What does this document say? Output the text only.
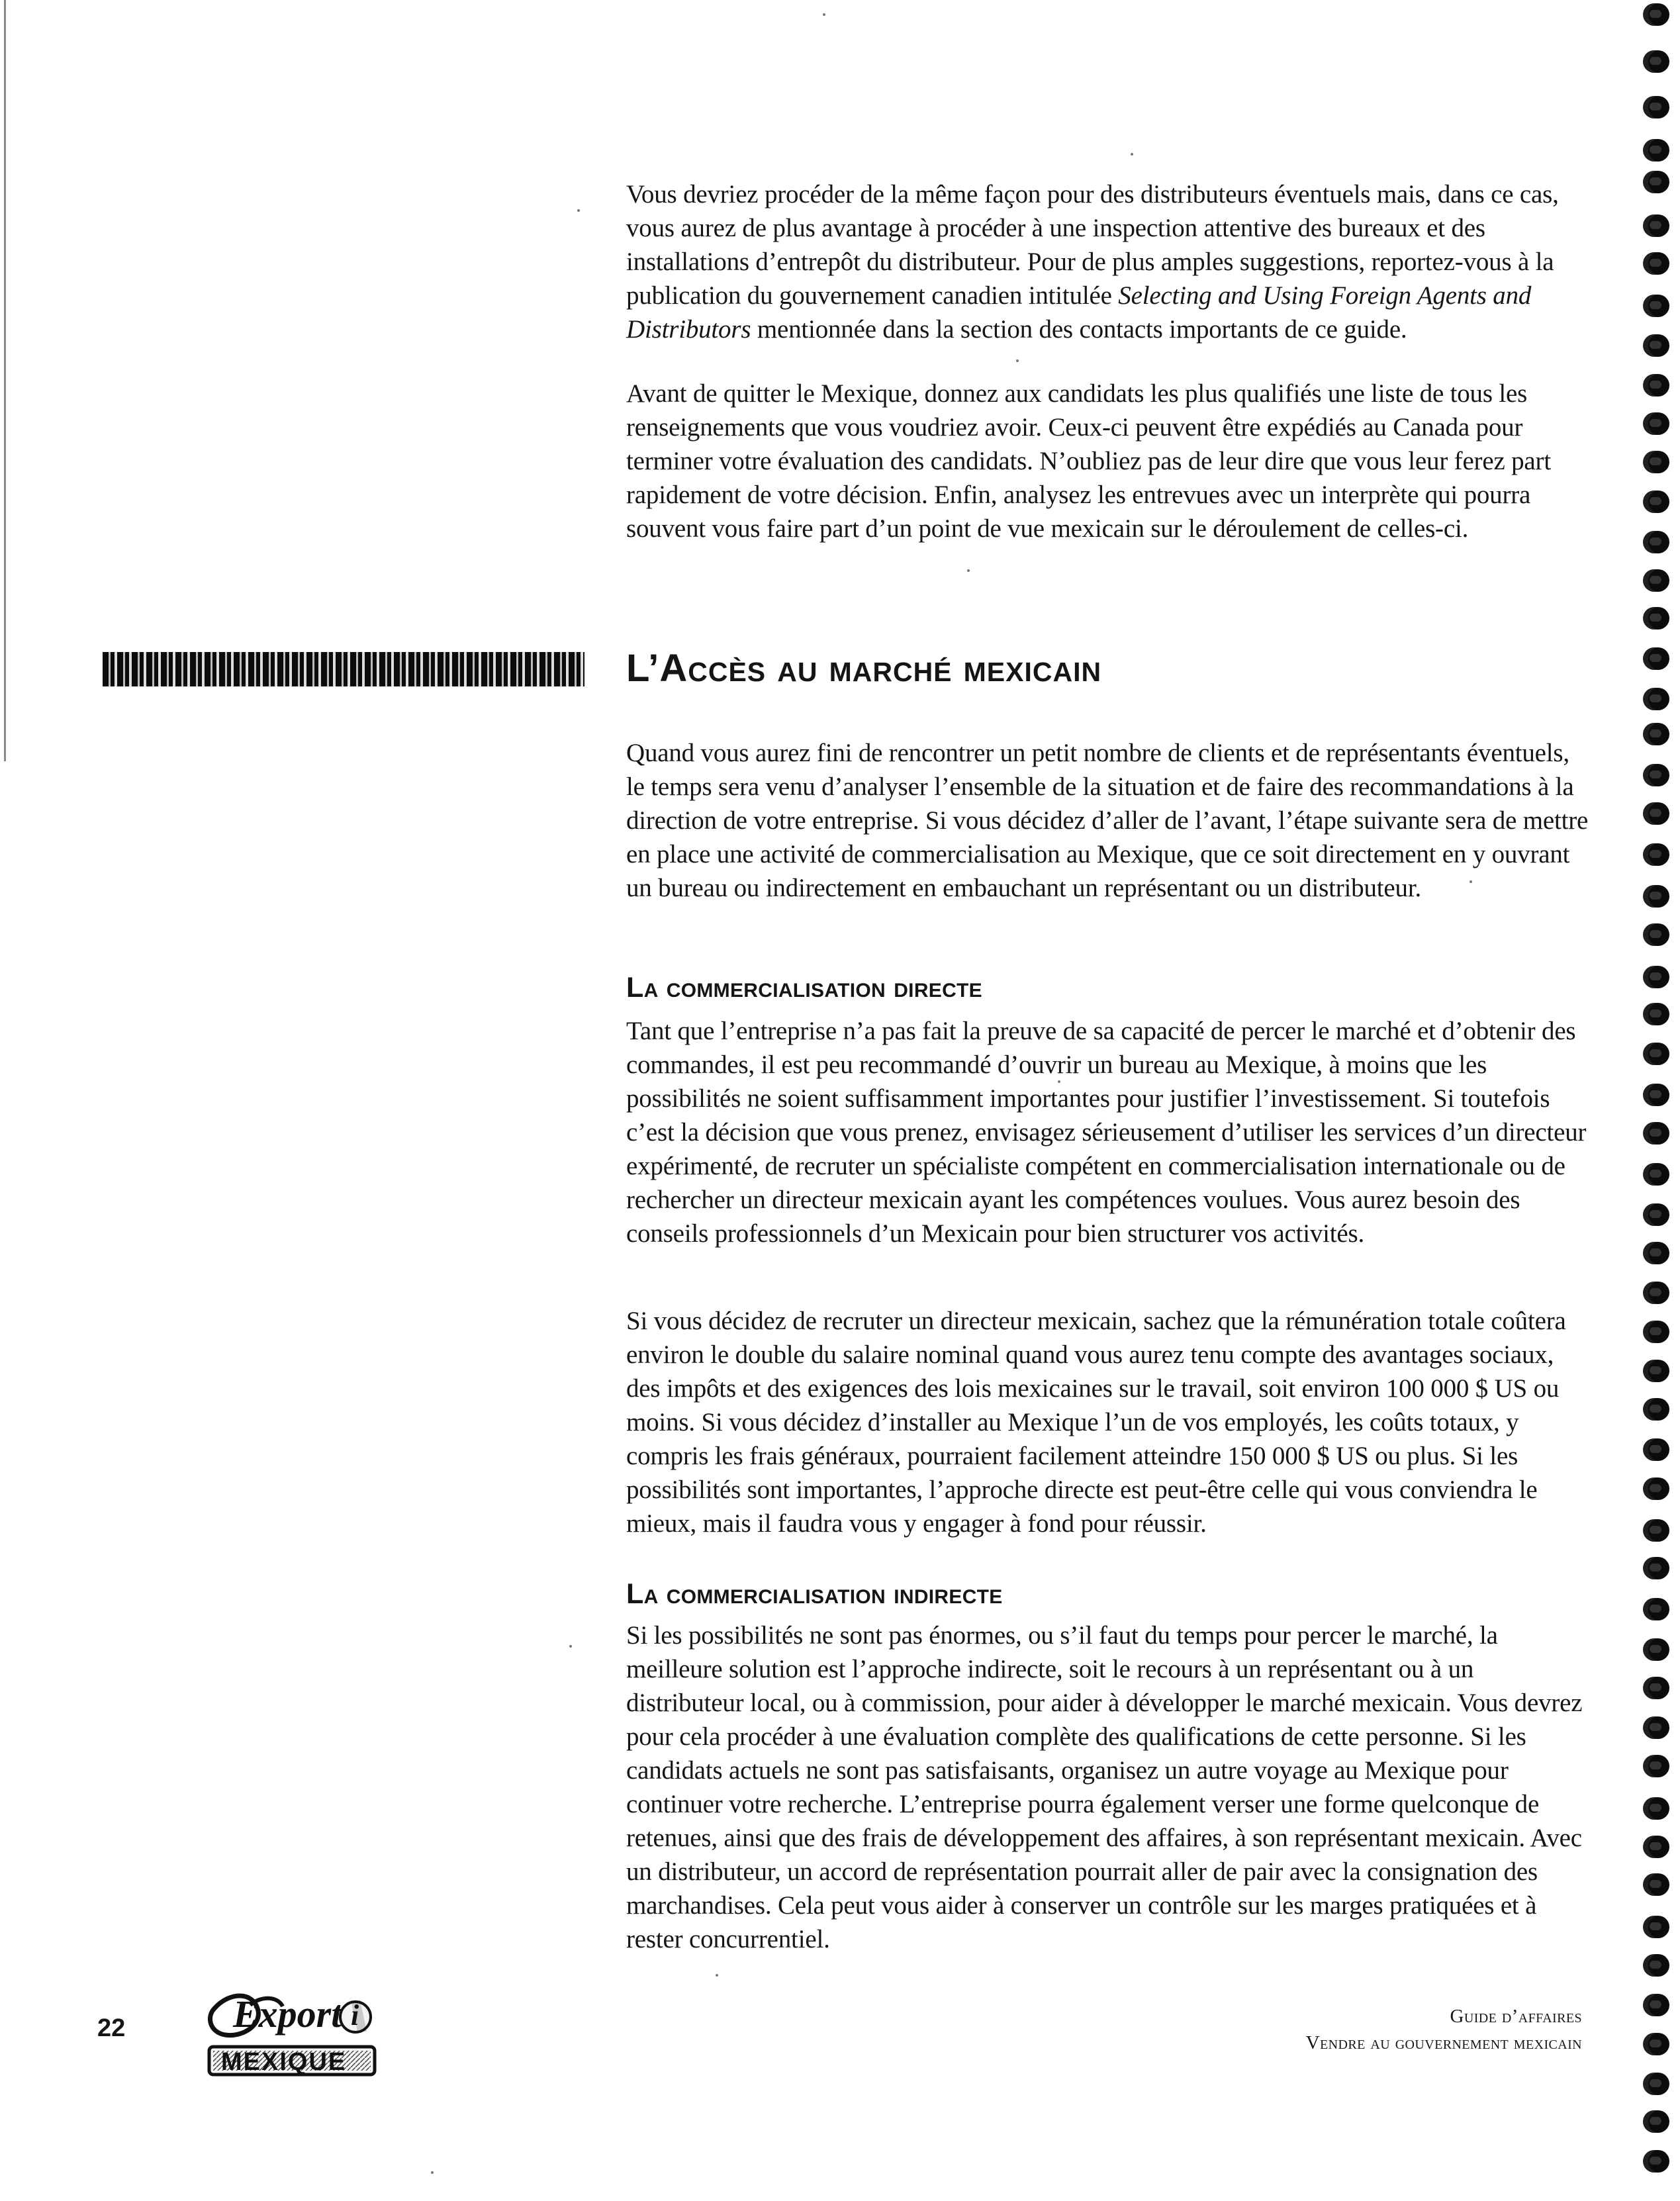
Vous devriez procéder de la même façon pour des distributeurs éventuels mais, dans ce cas, vous aurez de plus avantage à procéder à une inspection attentive des bureaux et des installations d’entrepôt du distributeur. Pour de plus amples suggestions, reportez-vous à la publication du gouvernement canadien intitulée Selecting and Using Foreign Agents and Distributors mentionnée dans la section des contacts importants de ce guide.

Avant de quitter le Mexique, donnez aux candidats les plus qualifiés une liste de tous les renseignements que vous voudriez avoir. Ceux-ci peuvent être expédiés au Canada pour terminer votre évaluation des candidats. N’oubliez pas de leur dire que vous leur ferez part rapidement de votre décision. Enfin, analysez les entrevues avec un interprète qui pourra souvent vous faire part d’un point de vue mexicain sur le déroulement de celles-ci.

L’Accès au marché mexicain

Quand vous aurez fini de rencontrer un petit nombre de clients et de représentants éventuels, le temps sera venu d’analyser l’ensemble de la situation et de faire des recommandations à la direction de votre entreprise. Si vous décidez d’aller de l’avant, l’étape suivante sera de mettre en place une activité de commercialisation au Mexique, que ce soit directement en y ouvrant un bureau ou indirectement en embauchant un représentant ou un distributeur.

La commercialisation directe

Tant que l’entreprise n’a pas fait la preuve de sa capacité de percer le marché et d’obtenir des commandes, il est peu recommandé d’ouvrir un bureau au Mexique, à moins que les possibilités ne soient suffisamment importantes pour justifier l’investissement. Si toutefois c’est la décision que vous prenez, envisagez sérieusement d’utiliser les services d’un directeur expérimenté, de recruter un spécialiste compétent en commercialisation internationale ou de rechercher un directeur mexicain ayant les compétences voulues. Vous aurez besoin des conseils professionnels d’un Mexicain pour bien structurer vos activités.

Si vous décidez de recruter un directeur mexicain, sachez que la rémunération totale coûtera environ le double du salaire nominal quand vous aurez tenu compte des avantages sociaux, des impôts et des exigences des lois mexicaines sur le travail, soit environ 100 000 $ US ou moins. Si vous décidez d’installer au Mexique l’un de vos employés, les coûts totaux, y compris les frais généraux, pourraient facilement atteindre 150 000 $ US ou plus. Si les possibilités sont importantes, l’approche directe est peut-être celle qui vous conviendra le mieux, mais il faudra vous y engager à fond pour réussir.

La commercialisation indirecte

Si les possibilités ne sont pas énormes, ou s’il faut du temps pour percer le marché, la meilleure solution est l’approche indirecte, soit le recours à un représentant ou à un distributeur local, ou à commission, pour aider à développer le marché mexicain. Vous devrez pour cela procéder à une évaluation complète des qualifications de cette personne. Si les candidats actuels ne sont pas satisfaisants, organisez un autre voyage au Mexique pour continuer votre recherche. L’entreprise pourra également verser une forme quelconque de retenues, ainsi que des frais de développement des affaires, à son représentant mexicain. Avec un distributeur, un accord de représentation pourrait aller de pair avec la consignation des marchandises. Cela peut vous aider à conserver un contrôle sur les marges pratiquées et à rester concurrentiel.

22	Export i
MEXIQUE
Guide d’affaires
Vendre au gouvernement mexicain
